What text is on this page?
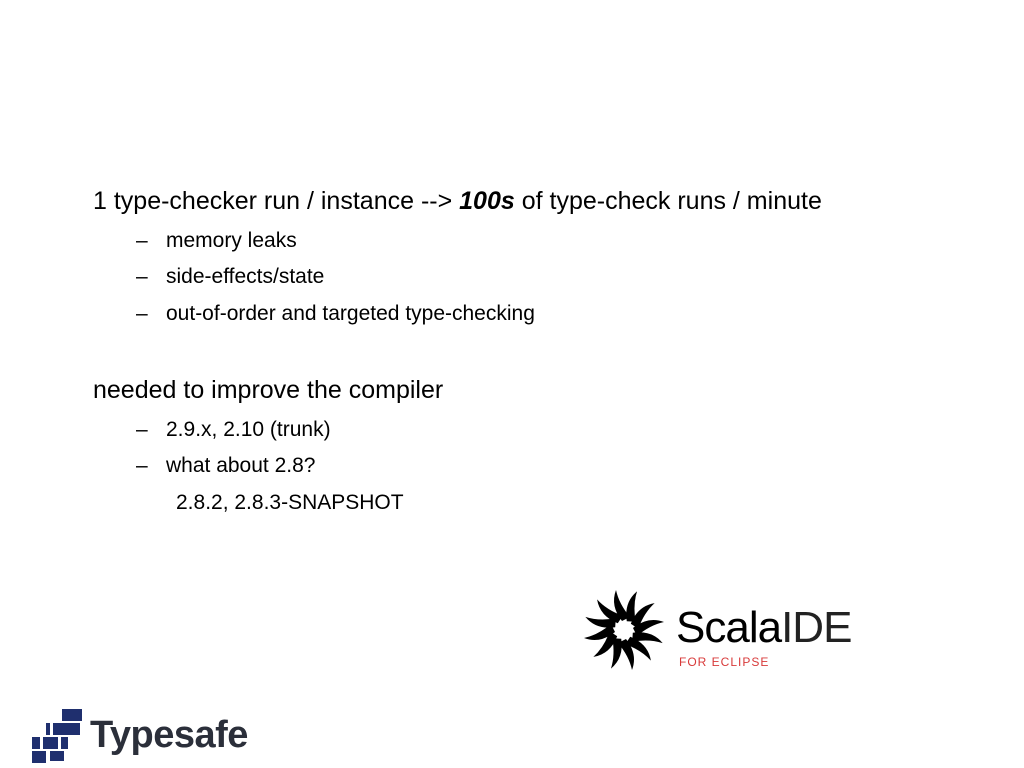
1 type-checker run / instance --> 100s of type-check runs / minute
– memory leaks
– side-effects/state
– out-of-order and targeted type-checking
needed to improve the compiler
– 2.9.x, 2.10 (trunk)
– what about 2.8?
2.8.2, 2.8.3-SNAPSHOT
ScalaIDE
FOR ECLIPSE
Typesafe
